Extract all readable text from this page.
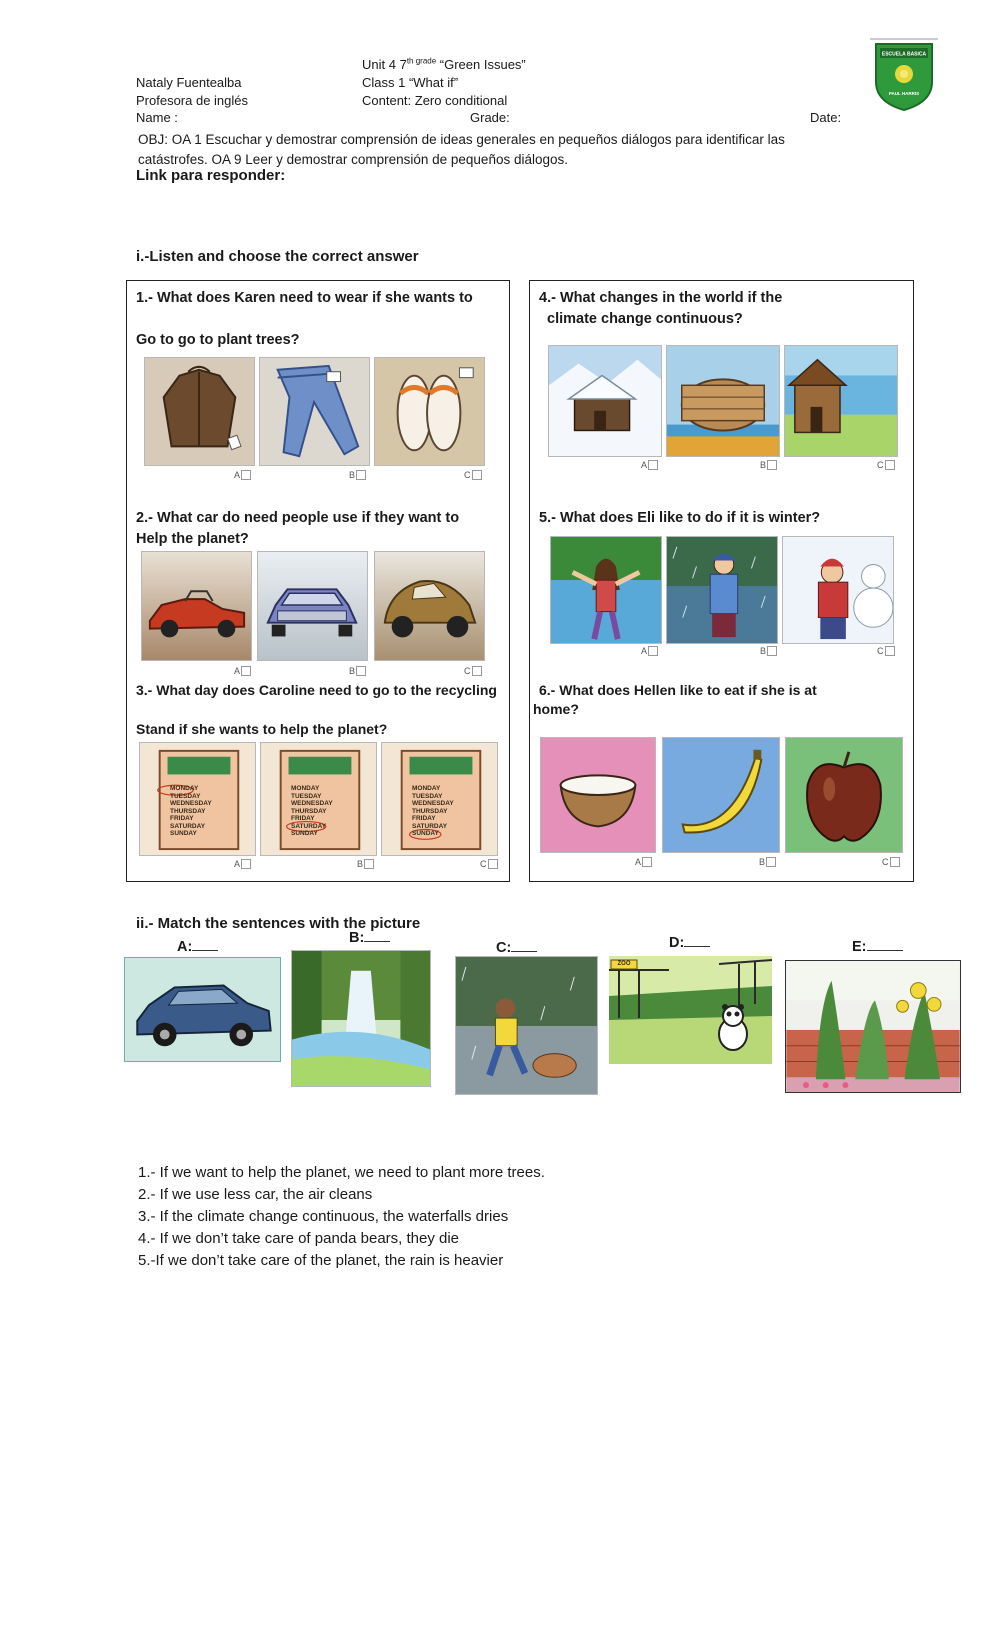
Unit 4 $7^{th grade}$ “Green Issues”
Nataly Fuentealba	Class 1 “What if”
Profesora de inglés	Content: Zero conditional
Name :	Grade:	Date:
ESCUELA BASICA
PAUL HARRIS
OBJ: OA 1 Escuchar y demostrar comprensión de ideas generales en pequeños diálogos para identificar las catástrofes. OA 9 Leer y demostrar comprensión de pequeños diálogos.
Link para responder:
i.-Listen and choose the correct answer
1.- What does Karen need to wear if she wants to
Go to go to plant trees?
A	B	C
2.- What car do need people use if they want to
Help the planet?
A	B	C
3.- What day does Caroline need to go to the recycling
Stand if she wants to help the planet?
MONDAY
TUESDAY
WEDNESDAY
THURSDAY
FRIDAY
SATURDAY
SUNDAY
MONDAY
TUESDAY
WEDNESDAY
THURSDAY
FRIDAY
SATURDAY
SUNDAY
MONDAY
TUESDAY
WEDNESDAY
THURSDAY
FRIDAY
SATURDAY
SUNDAY
A	B	C
4.- What changes in the world if the
climate change continuous?
A	B	C
5.- What does Eli like to do if it is winter?
A	B	C
6.- What does Hellen like to eat if she is at
home?
A	B	C
ii.- Match the sentences with the picture
A:
B:
C:	D:	E:
ZOO
1.- If we want to help the planet, we need to plant more trees.
2.- If we use less car, the air cleans
3.- If the climate change continuous, the waterfalls dries
4.- If we don’t take care of panda bears, they die
5.-If we don’t take care of the planet, the rain is heavier
